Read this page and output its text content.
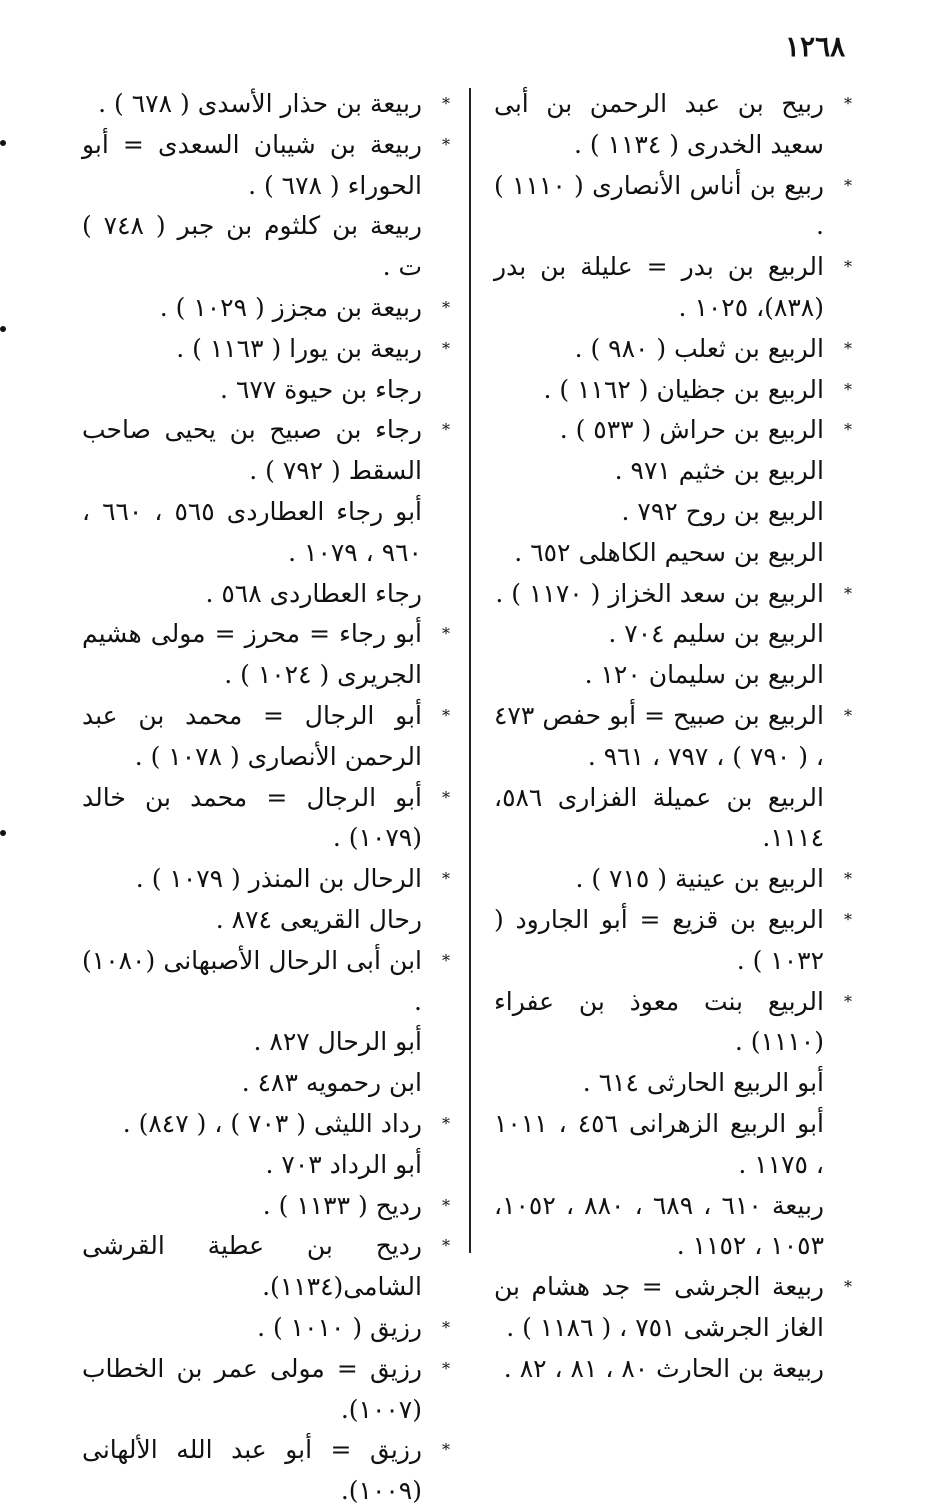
١٢٦٨
*
ربيح بن عبد الرحمن بن أبى سعيد الخدرى ( ١١٣٤ ) .
*
ربيع بن أناس الأنصارى ( ١١١٠ ) .
*
الربيع بن بدر = عليلة بن بدر (٨٣٨)، ١٠٢٥ .
*
الربيع بن ثعلب ( ٩٨٠ ) .
*
الربيع بن جظيان ( ١١٦٢ ) .
*
الربيع بن حراش ( ٥٣٣ ) .
الربيع بن خثيم ٩٧١ .
الربيع بن روح ٧٩٢ .
الربيع بن سحيم الكاهلى ٦٥٢ .
*
الربيع بن سعد الخزاز ( ١١٧٠ ) .
الربيع بن سليم ٧٠٤ .
الربيع بن سليمان ١٢٠ .
*
الربيع بن صبيح = أبو حفص ٤٧٣ ، ( ٧٩٠ ) ، ٧٩٧ ، ٩٦١ .
الربيع بن عميلة الفزارى ٥٨٦، ١١١٤.
*
الربيع بن عينية ( ٧١٥ ) .
*
الربيع بن قزيع = أبو الجارود ( ١٠٣٢ ) .
*
الربيع بنت معوذ بن عفراء (١١١٠) .
أبو الربيع الحارثى ٦١٤ .
أبو الربيع الزهرانى ٤٥٦ ، ١٠١١ ، ١١٧٥ .
ربيعة ٦١٠ ، ٦٨٩ ، ٨٨٠ ، ١٠٥٢، ١٠٥٣ ، ١١٥٢ .
*
ربيعة الجرشى = جد هشام بن الغاز الجرشى ٧٥١ ، ( ١١٨٦ ) .
ربيعة بن الحارث ٨٠ ، ٨١ ، ٨٢ .
*
ربيعة بن حذار الأسدى ( ٦٧٨ ) .
*
ربيعة بن شيبان السعدى = أبو الحوراء ( ٦٧٨ ) .
ربيعة بن كلثوم بن جبر ( ٧٤٨ ) ت .
*
ربيعة بن مجزز ( ١٠٢٩ ) .
*
ربيعة بن يورا ( ١١٦٣ ) .
رجاء بن حيوة ٦٧٧ .
*
رجاء بن صبيح بن يحيى صاحب السقط ( ٧٩٢ ) .
أبو رجاء العطاردى ٥٦٥ ، ٦٦٠ ، ٩٦٠ ، ١٠٧٩ .
رجاء العطاردى ٥٦٨ .
*
أبو رجاء = محرز = مولى هشيم الجريرى ( ١٠٢٤ ) .
*
أبو الرجال = محمد بن عبد الرحمن الأنصارى ( ١٠٧٨ ) .
*
أبو الرجال = محمد بن خالد (١٠٧٩) .
*
الرحال بن المنذر ( ١٠٧٩ ) .
رحال القريعى ٨٧٤ .
*
ابن أبى الرحال الأصبهانى (١٠٨٠) .
أبو الرحال ٨٢٧ .
ابن رحمويه ٤٨٣ .
*
رداد الليثى ( ٧٠٣ ) ، ( ٨٤٧) .
أبو الرداد ٧٠٣ .
*
رديح ( ١١٣٣ ) .
*
رديح بن عطية القرشى الشامى(١١٣٤).
*
رزيق ( ١٠١٠ ) .
*
رزيق = مولى عمر بن الخطاب (١٠٠٧).
*
رزيق = أبو عبد الله الألهانى (١٠٠٩).
